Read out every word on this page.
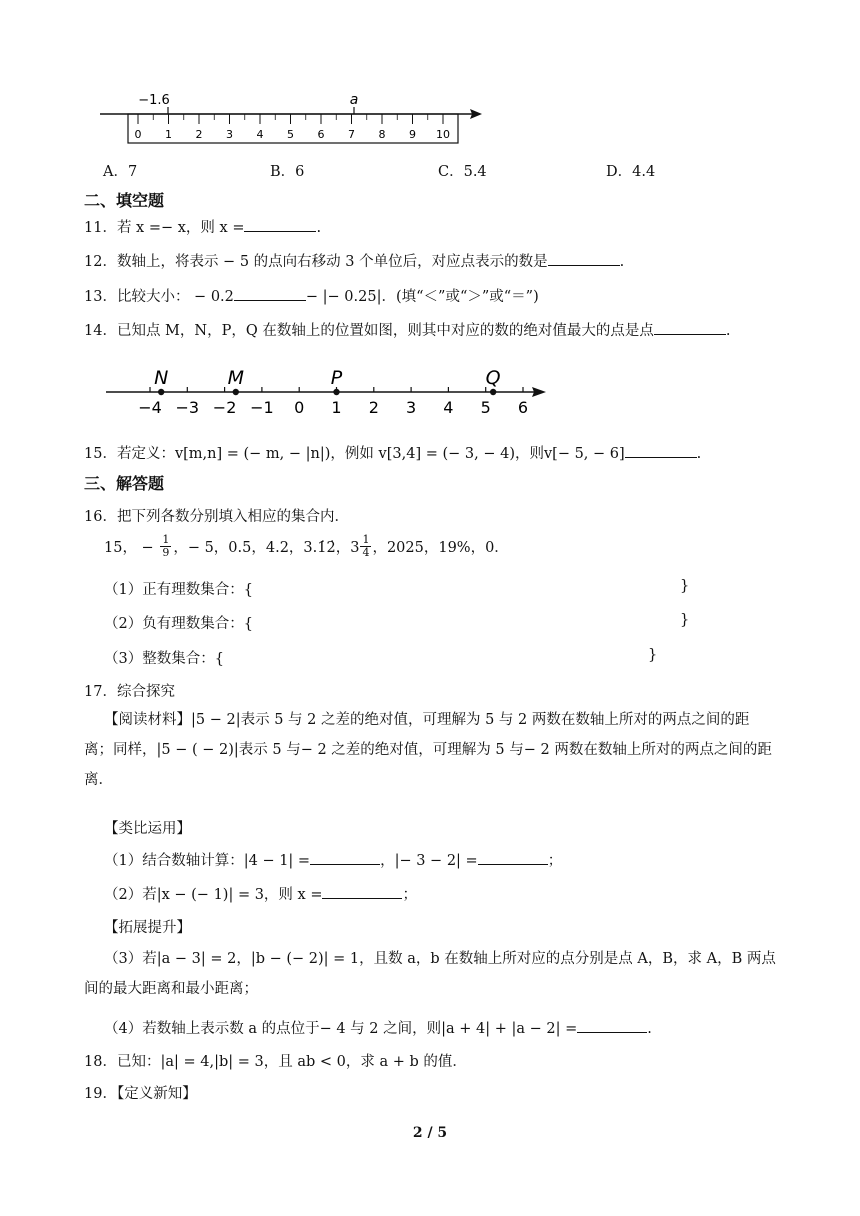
0 1 2 3 4 5 6 7 8 9 10
−1.6	a
A．7	B．6	C．5.4	D．4.4
二、填空题
11．若 x =− x，则 x =	.
12．数轴上，将表示 − 5 的点向右移动 3 个单位后，对应点表示的数是	.
13．比较大小： − 0.2	− |− 0.25|．(填“＜”或“＞”或“＝”)
14．已知点 M，N，P，Q 在数轴上的位置如图，则其中对应的数的绝对值最大的点是点	.
−4 −3 −2 −1 0 1 2 3 4 5 6
N	M	P	Q
15．若定义：v[m,n] = (− m, − |n|)，例如 v[3,4] = (− 3, − 4)，则v[− 5, − 6]	.
三、解答题
16．把下列各数分别填入相应的集合内．
15， − $\frac{1}{9}$ ，− 5，0.5，4.2，3.1̇2̇，$3 \frac{1}{4}$ ，2025，19%，0．
（1）正有理数集合：{	}
（2）负有理数集合：{	}
（3）整数集合：{	}
17．综合探究
【阅读材料】|5 − 2|表示 5 与 2 之差的绝对值，可理解为 5 与 2 两数在数轴上所对的两点之间的距离；同样，|5 − ( − 2)|表示 5 与− 2 之差的绝对值，可理解为 5 与− 2 两数在数轴上所对的两点之间的距离．
【类比运用】
（1）结合数轴计算：|4 − 1| =	，|− 3 − 2| =	；
（2）若|x − (− 1)| = 3，则 x =	；
【拓展提升】
（3）若|a − 3| = 2，|b − (− 2)| = 1，且数 a，b 在数轴上所对应的点分别是点 A，B，求 A，B 两点间的最大距离和最小距离；
（4）若数轴上表示数 a 的点位于− 4 与 2 之间，则|a + 4| + |a − 2| =	.
18．已知：|a| = 4,|b| = 3，且 ab < 0，求 a + b 的值．
19．【定义新知】
2 / 5
